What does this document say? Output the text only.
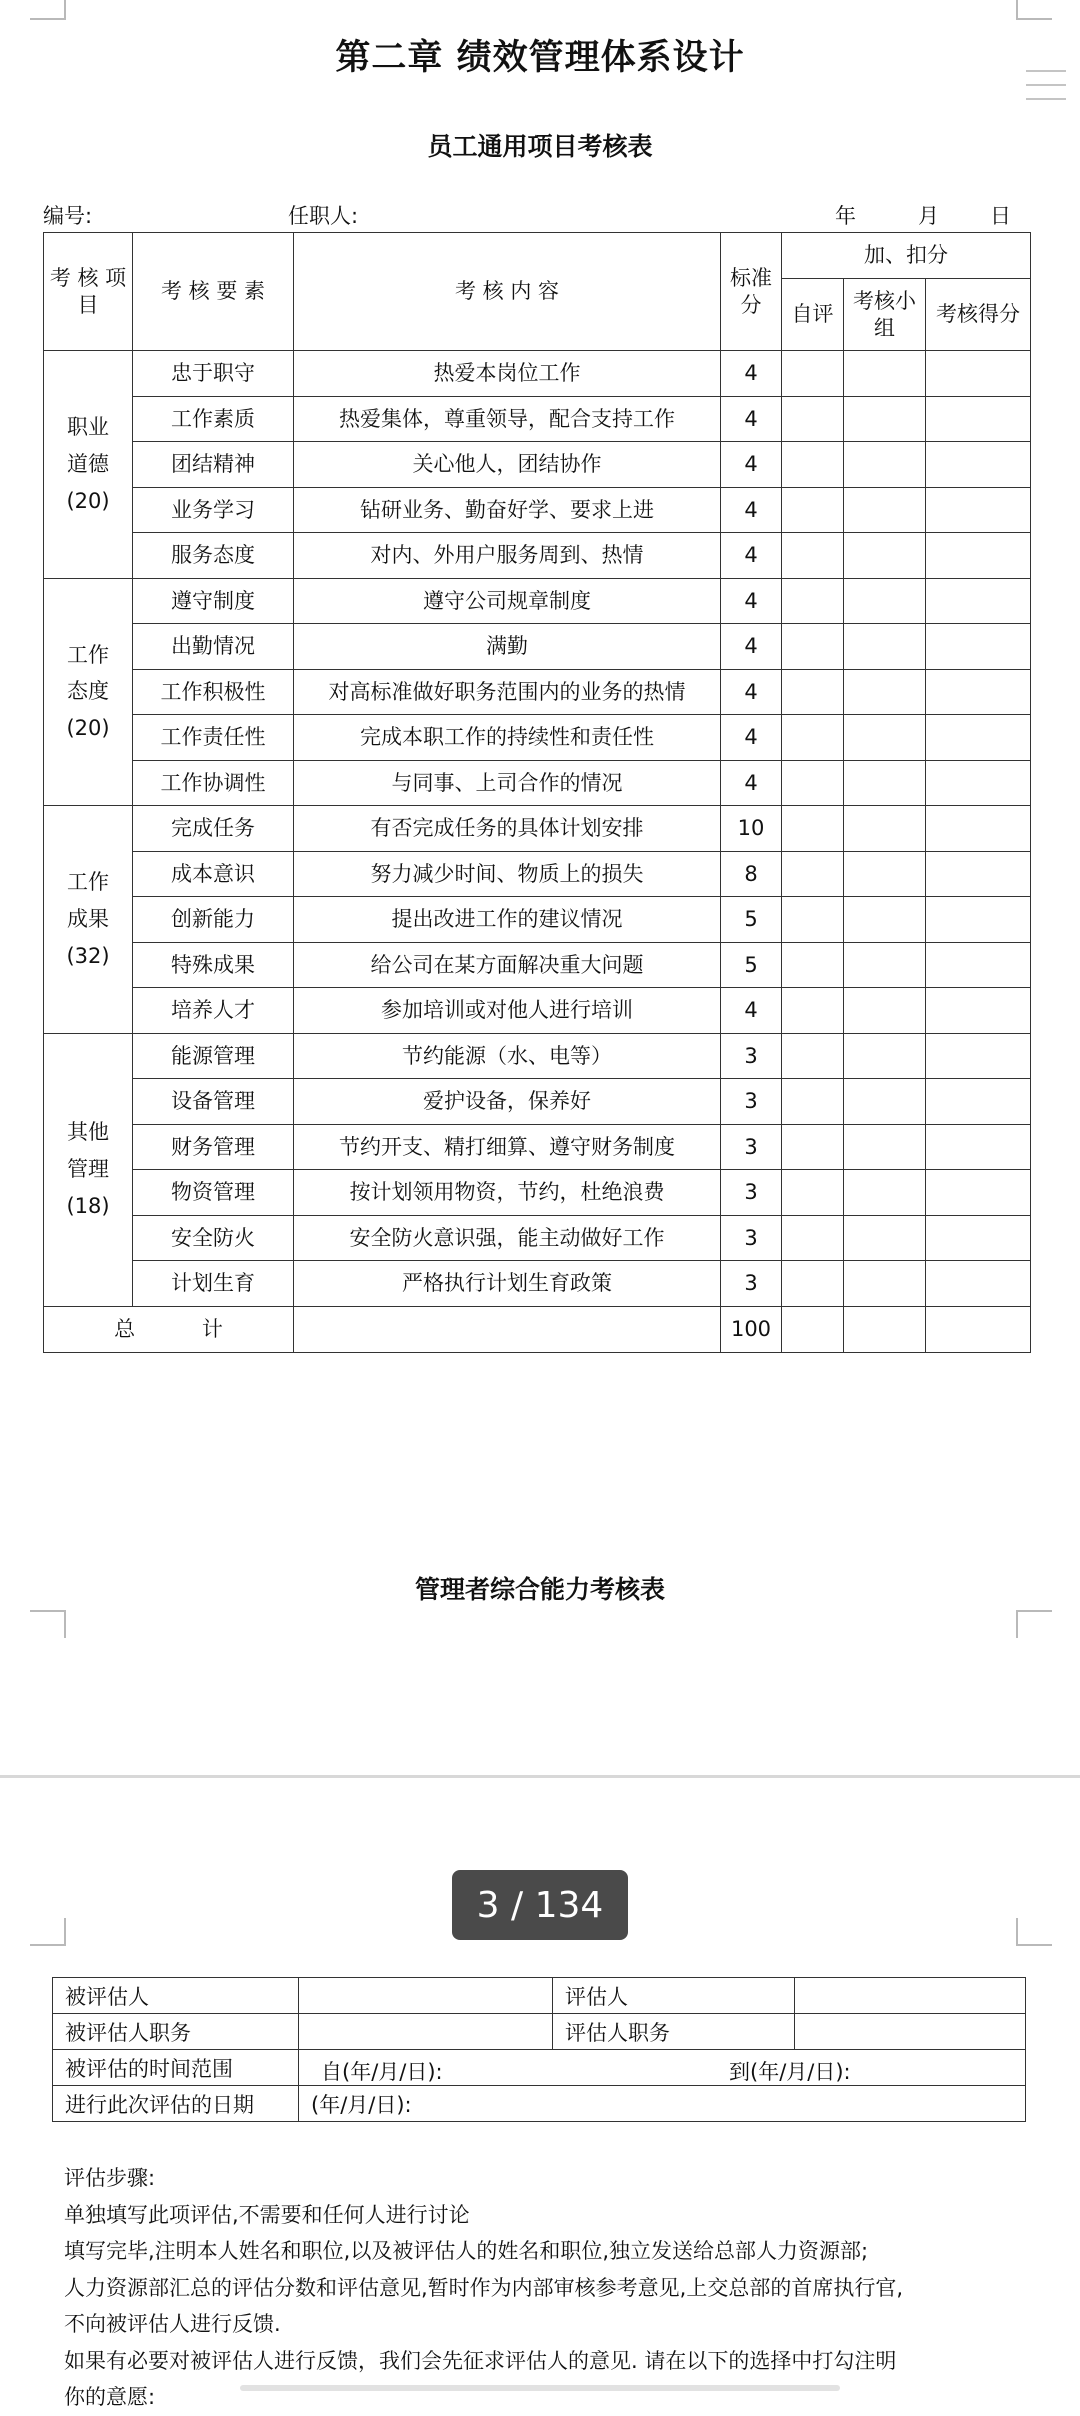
第二章 绩效管理体系设计
员工通用项目考核表
编号:	任职人:	年	月 日
考 核 项 目	考 核 要 素	考 核 内 容	标准分	加、扣分		
				自评	考核小组	考核得分

职业道德
(20)	忠于职守	热爱本岗位工作	4			
	工作素质	热爱集体，尊重领导，配合支持工作	4			
	团结精神	关心他人，团结协作	4			
	业务学习	钻研业务、勤奋好学、要求上进	4			
	服务态度	对内、外用户服务周到、热情	4			

工作态度
(20)	遵守制度	遵守公司规章制度	4			
	出勤情况	满勤	4			
	工作积极性	对高标准做好职务范围内的业务的热情	4			
	工作责任性	完成本职工作的持续性和责任性	4			
	工作协调性	与同事、上司合作的情况	4			

工作成果
(32)	完成任务	有否完成任务的具体计划安排	10			
	成本意识	努力减少时间、物质上的损失	8			
	创新能力	提出改进工作的建议情况	5			
	特殊成果	给公司在某方面解决重大问题	5			
	培养人才	参加培训或对他人进行培训	4			

其他管理
(18)	能源管理	节约能源（水、电等）	3			
	设备管理	爱护设备，保养好	3			
	财务管理	节约开支、精打细算、遵守财务制度	3			
	物资管理	按计划领用物资，节约，杜绝浪费	3			
	安全防火	安全防火意识强，能主动做好工作	3			
	计划生育	严格执行计划生育政策	3			
总          计			100			
管理者综合能力考核表
3 / 134
被评估人		评估人	
被评估人职务		评估人职务	
被评估的时间范围	自(年/月/日): 到(年/月/日):		

进行此次评估的日期	(年/月/日):		

评估步骤:

单独填写此项评估,不需要和任何人进行讨论

填写完毕,注明本人姓名和职位,以及被评估人的姓名和职位,独立发送给总部人力资源部;

人力资源部汇总的评估分数和评估意见,暂时作为内部审核参考意见,上交总部的首席执行官,

不向被评估人进行反馈.

如果有必要对被评估人进行反馈，我们会先征求评估人的意见. 请在以下的选择中打勾注明

你的意愿:
